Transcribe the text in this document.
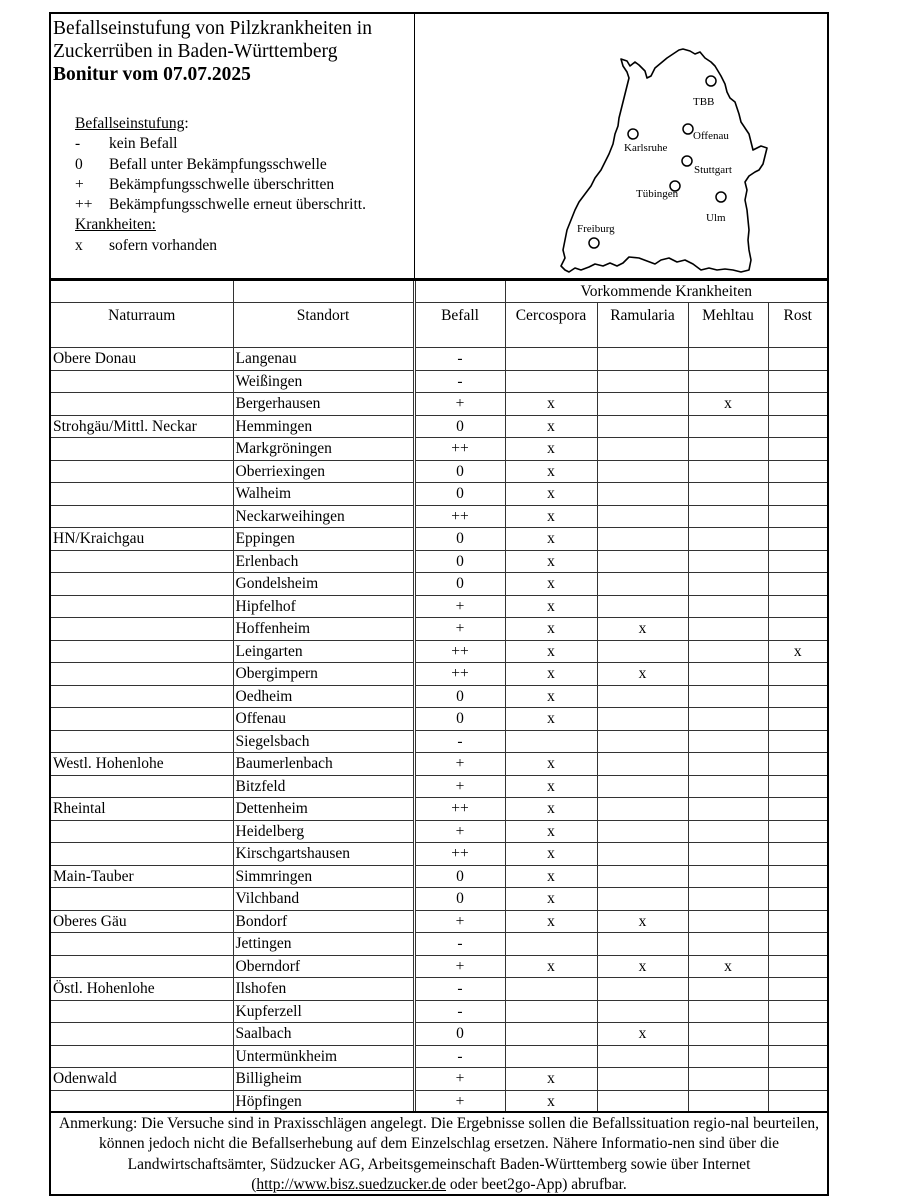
Befallseinstufung von Pilzkrankheiten in
Zuckerrüben in Baden-Württemberg
Bonitur vom 07.07.2025
Befallseinstufung:
-	kein Befall
0	Befall unter Bekämpfungsschwelle
+	Bekämpfungsschwelle überschritten
++	Bekämpfungsschwelle erneut überschritt.
Krankheiten:
x	sofern vorhanden
TBB
Offenau
Karlsruhe
Stuttgart
Tübingen
Ulm
Freiburg
			Vorkommende Krankheiten			
Naturraum	Standort	Befall	Cercospora	Ramularia	Mehltau	Rost
Obere Donau	Langenau	-				
	Weißingen	-				
	Bergerhausen	+	x		x	
Strohgäu/Mittl. Neckar	Hemmingen	0	x			
	Markgröningen	++	x			
	Oberriexingen	0	x			
	Walheim	0	x			
	Neckarweihingen	++	x			
HN/Kraichgau	Eppingen	0	x			
	Erlenbach	0	x			
	Gondelsheim	0	x			
	Hipfelhof	+	x			
	Hoffenheim	+	x	x		
	Leingarten	++	x			x
	Obergimpern	++	x	x		
	Oedheim	0	x			
	Offenau	0	x			
	Siegelsbach	-				
Westl. Hohenlohe	Baumerlenbach	+	x			
	Bitzfeld	+	x			
Rheintal	Dettenheim	++	x			
	Heidelberg	+	x			
	Kirschgartshausen	++	x			
Main-Tauber	Simmringen	0	x			
	Vilchband	0	x			
Oberes Gäu	Bondorf	+	x	x		
	Jettingen	-				
	Oberndorf	+	x	x	x	
Östl. Hohenlohe	Ilshofen	-				
	Kupferzell	-				
	Saalbach	0		x		
	Untermünkheim	-				
Odenwald	Billigheim	+	x			
	Höpfingen	+	x			
Anmerkung: Die Versuche sind in Praxisschlägen angelegt. Die Ergebnisse sollen die Befallssituation regio-nal beurteilen, können jedoch nicht die Befallserhebung auf dem Einzelschlag ersetzen. Nähere Informatio-nen sind über die Landwirtschaftsämter, Südzucker AG, Arbeitsgemeinschaft Baden-Württemberg sowie über Internet (http://www.bisz.suedzucker.de oder beet2go-App) abrufbar.
